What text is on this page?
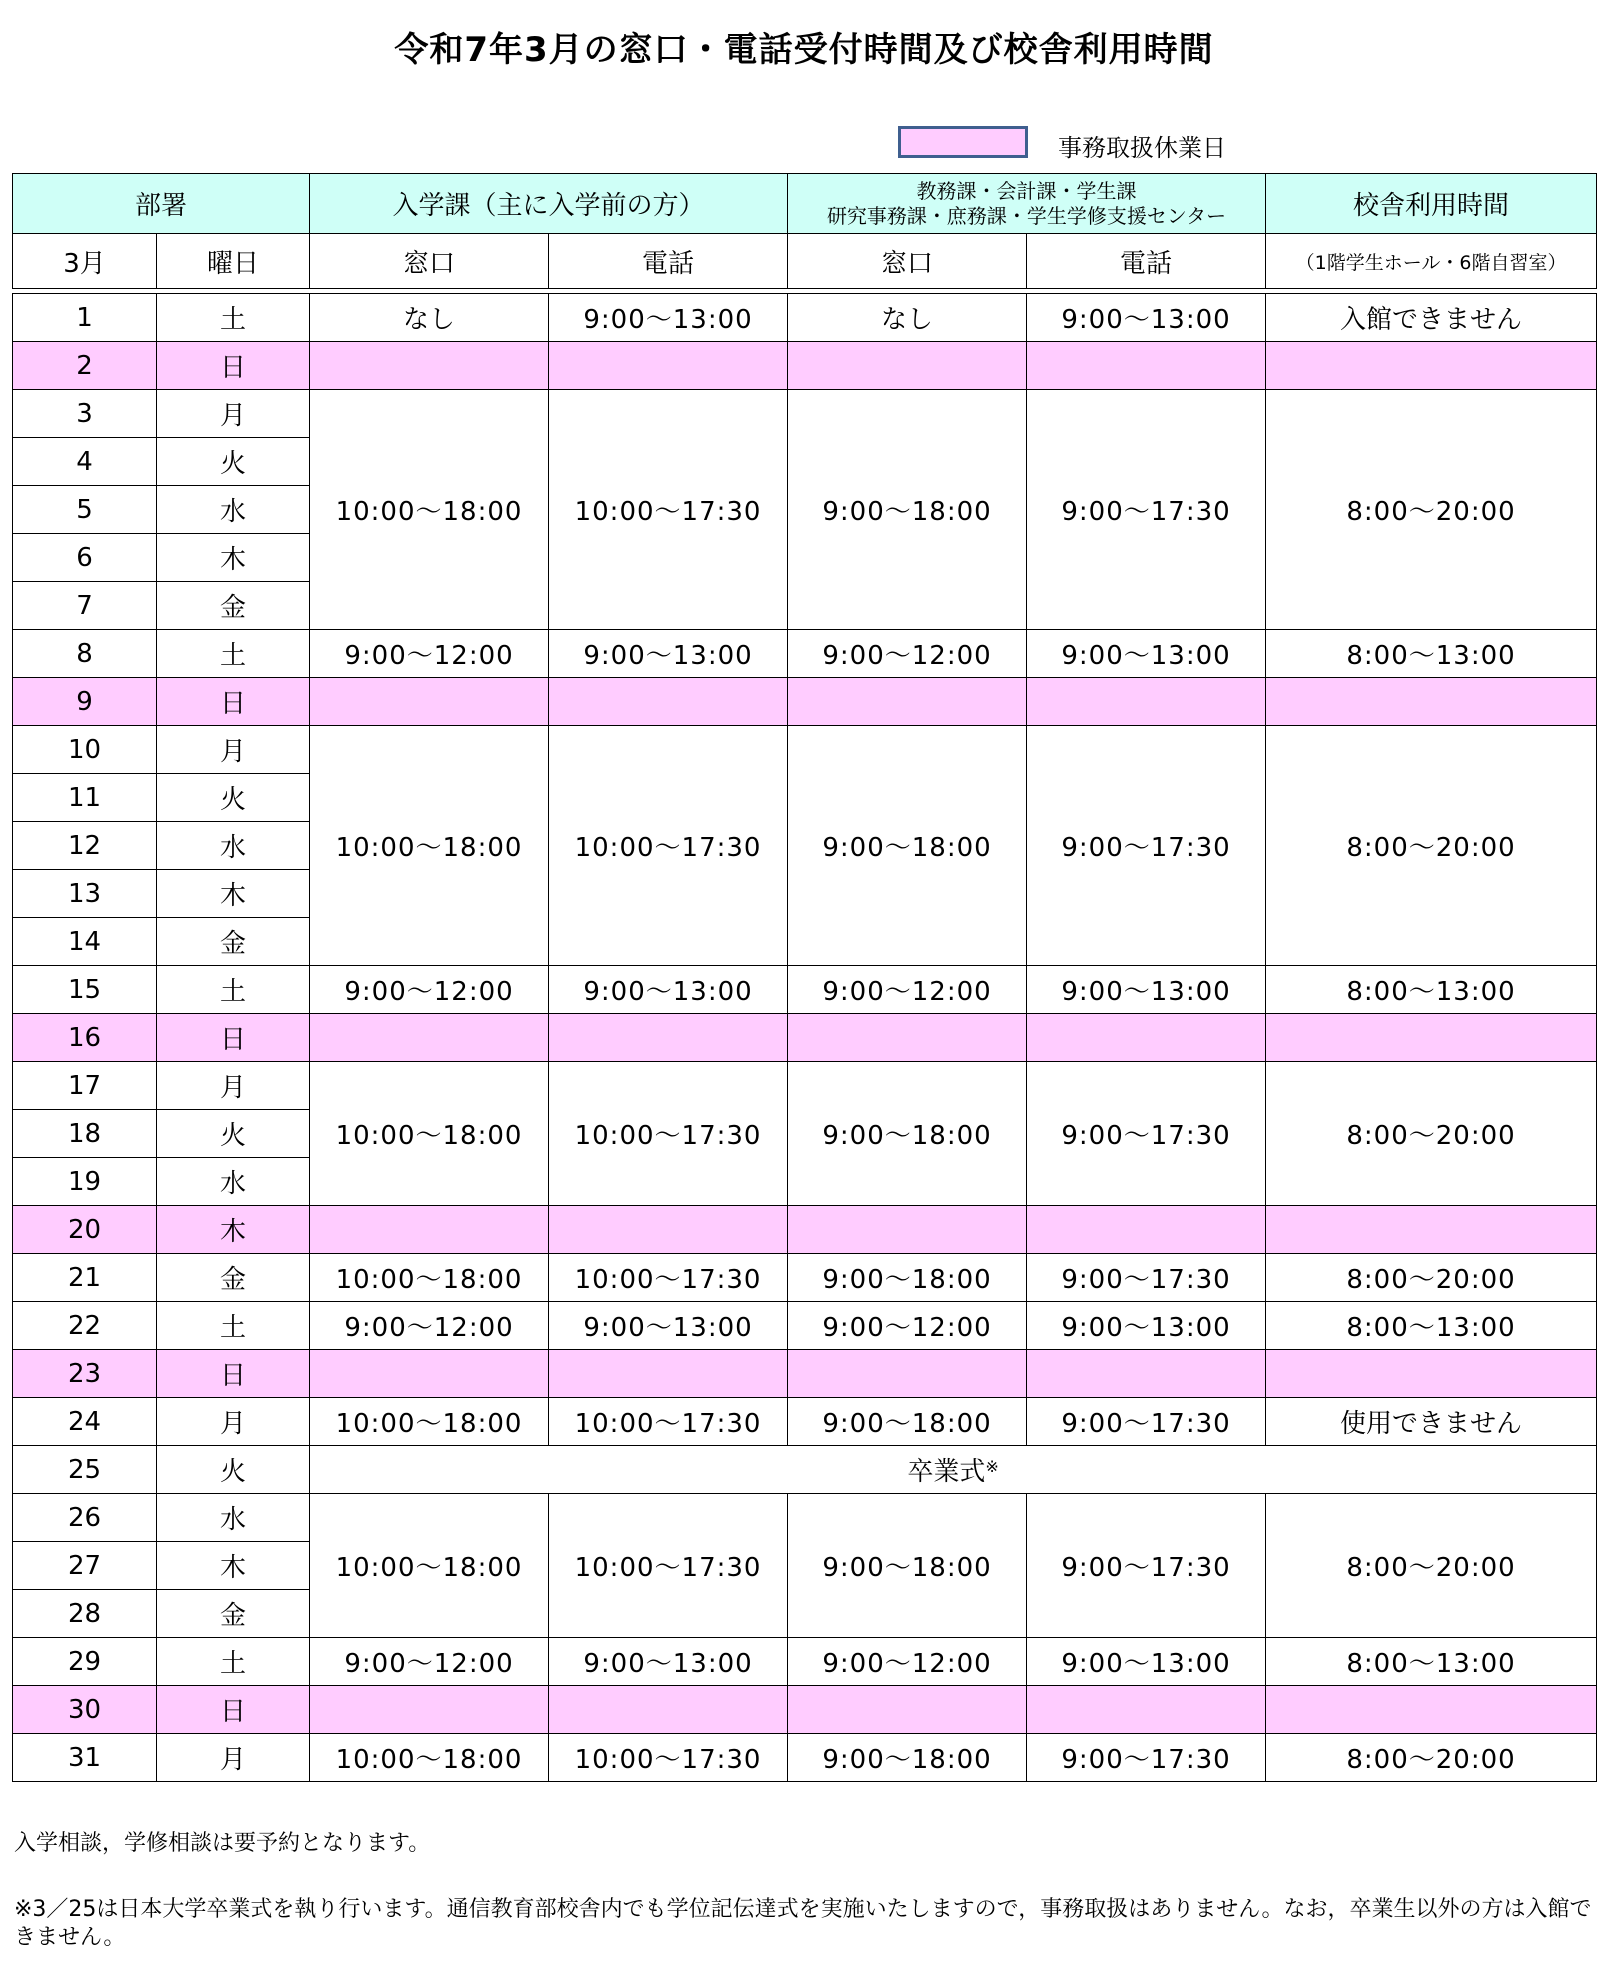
令和7年3月の窓口・電話受付時間及び校舎利用時間
事務取扱休業日
部署		入学課（主に入学前の方）		教務課・会計課・学生課
研究事務課・庶務課・学生学修支援センター		校舎利用時間
3月	曜日	窓口	電話	窓口	電話	（1階学生ホール・6階自習室）

1	土	なし	9:00～13:00	なし	9:00～13:00	入館できません
2	日					
3	月	10:00～18:00	10:00～17:30	9:00～18:00	9:00～17:30	8:00～20:00
4	火					
5	水					
6	木					
7	金					
8	土	9:00～12:00	9:00～13:00	9:00～12:00	9:00～13:00	8:00～13:00
9	日					
10	月	10:00～18:00	10:00～17:30	9:00～18:00	9:00～17:30	8:00～20:00
11	火					
12	水					
13	木					
14	金					
15	土	9:00～12:00	9:00～13:00	9:00～12:00	9:00～13:00	8:00～13:00
16	日					
17	月	10:00～18:00	10:00～17:30	9:00～18:00	9:00～17:30	8:00～20:00
18	火					
19	水					
20	木					
21	金	10:00～18:00	10:00～17:30	9:00～18:00	9:00～17:30	8:00～20:00
22	土	9:00～12:00	9:00～13:00	9:00～12:00	9:00～13:00	8:00～13:00
23	日					
24	月	10:00～18:00	10:00～17:30	9:00～18:00	9:00～17:30	使用できません
25	火	卒業式※
26	水	10:00～18:00	10:00～17:30	9:00～18:00	9:00～17:30	8:00～20:00
27	木					
28	金					
29	土	9:00～12:00	9:00～13:00	9:00～12:00	9:00～13:00	8:00～13:00
30	日					
31	月	10:00～18:00	10:00～17:30	9:00～18:00	9:00～17:30	8:00～20:00
入学相談，学修相談は要予約となります。
※3／25は日本大学卒業式を執り行います。通信教育部校舎内でも学位記伝達式を実施いたしますので，事務取扱はありません。なお，卒業生以外の方は入館できません。
